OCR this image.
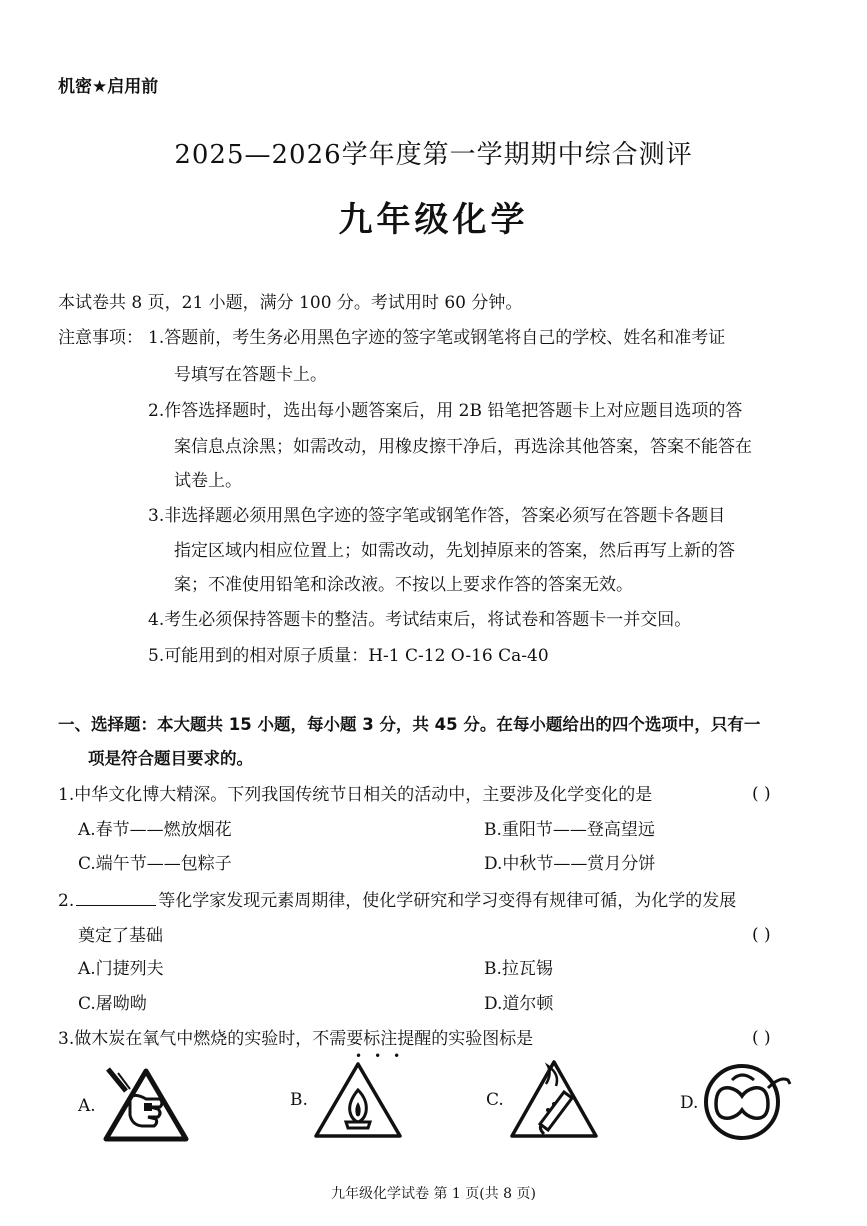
机密★启用前
2025—2026学年度第一学期期中综合测评
九年级化学
本试卷共 8 页，21 小题，满分 100 分。考试用时 60 分钟。
注意事项： 1.答题前，考生务必用黑色字迹的签字笔或钢笔将自己的学校、姓名和准考证
号填写在答题卡上。
2.作答选择题时，选出每小题答案后，用 2B 铅笔把答题卡上对应题目选项的答
案信息点涂黑；如需改动，用橡皮擦干净后，再选涂其他答案，答案不能答在
试卷上。
3.非选择题必须用黑色字迹的签字笔或钢笔作答，答案必须写在答题卡各题目
指定区域内相应位置上；如需改动，先划掉原来的答案，然后再写上新的答
案；不准使用铅笔和涂改液。不按以上要求作答的答案无效。
4.考生必须保持答题卡的整洁。考试结束后，将试卷和答题卡一并交回。
5.可能用到的相对原子质量：H-1 C-12 O-16 Ca-40
一、选择题：本大题共 15 小题，每小题 3 分，共 45 分。在每小题给出的四个选项中，只有一
项是符合题目要求的。
1.中华文化博大精深。下列我国传统节日相关的活动中，主要涉及化学变化的是	( )
A.春节——燃放烟花	B.重阳节——登高望远
C.端午节——包粽子	D.中秋节——赏月分饼
2.	等化学家发现元素周期律，使化学研究和学习变得有规律可循，为化学的发展
奠定了基础	( )
A.门捷列夫	B.拉瓦锡
C.屠呦呦	D.道尔顿
3.做木炭在氧气中燃烧的实验时，不需要标注提醒的实验图标是	( )
•••
A.	B.	C.	D.
九年级化学试卷 第 1 页(共 8 页)
